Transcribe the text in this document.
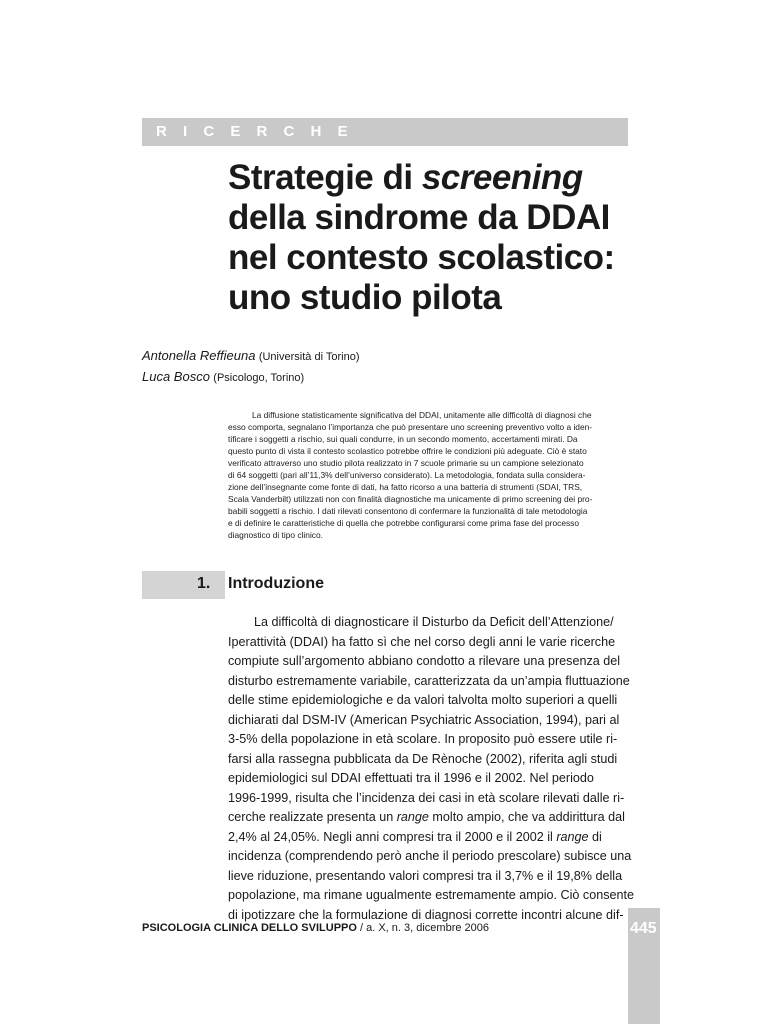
R I C E R C H E
Strategie di screening
della sindrome da DDAI
nel contesto scolastico:
uno studio pilota
Antonella Reffieuna (Università di Torino)
Luca Bosco (Psicologo, Torino)
La diffusione statisticamente significativa del DDAI, unitamente alle difficoltà di diagnosi che
esso comporta, segnalano l’importanza che può presentare uno screening preventivo volto a iden-
tificare i soggetti a rischio, sui quali condurre, in un secondo momento, accertamenti mirati. Da
questo punto di vista il contesto scolastico potrebbe offrire le condizioni più adeguate. Ciò è stato
verificato attraverso uno studio pilota realizzato in 7 scuole primarie su un campione selezionato
di 64 soggetti (pari all’11,3% dell’universo considerato). La metodologia, fondata sulla considera-
zione dell’insegnante come fonte di dati, ha fatto ricorso a una batteria di strumenti (SDAI, TRS,
Scala Vanderbilt) utilizzati non con finalità diagnostiche ma unicamente di primo screening dei pro-
babili soggetti a rischio. I dati rilevati consentono di confermare la funzionalità di tale metodologia
e di definire le caratteristiche di quella che potrebbe configurarsi come prima fase del processo
diagnostico di tipo clinico.
1. Introduzione
La difficoltà di diagnosticare il Disturbo da Deficit dell’Attenzione/
Iperattività (DDAI) ha fatto sì che nel corso degli anni le varie ricerche
compiute sull’argomento abbiano condotto a rilevare una presenza del
disturbo estremamente variabile, caratterizzata da un’ampia fluttuazione
delle stime epidemiologiche e da valori talvolta molto superiori a quelli
dichiarati dal DSM-IV (American Psychiatric Association, 1994), pari al
3-5% della popolazione in età scolare. In proposito può essere utile ri-
farsi alla rassegna pubblicata da De Rènoche (2002), riferita agli studi
epidemiologici sul DDAI effettuati tra il 1996 e il 2002. Nel periodo
1996-1999, risulta che l’incidenza dei casi in età scolare rilevati dalle ri-
cerche realizzate presenta un range molto ampio, che va addirittura dal
2,4% al 24,05%. Negli anni compresi tra il 2000 e il 2002 il range di
incidenza (comprendendo però anche il periodo prescolare) subisce una
lieve riduzione, presentando valori compresi tra il 3,7% e il 19,8% della
popolazione, ma rimane ugualmente estremamente ampio. Ciò consente
di ipotizzare che la formulazione di diagnosi corrette incontri alcune dif-
PSICOLOGIA CLINICA DELLO SVILUPPO / a. X, n. 3, dicembre 2006	445
